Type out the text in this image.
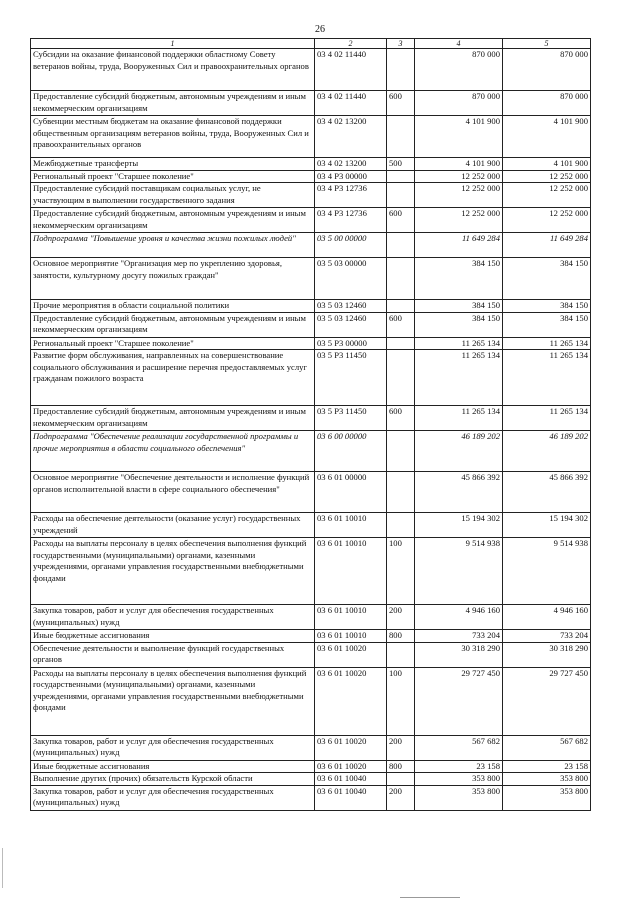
26
1	2	3	4	5
Субсидии на оказание финансовой поддержки областному Совету ветеранов войны, труда, Вооруженных Сил и правоохранительных органов	03 4 02 11440		870 000	870 000
Предоставление субсидий бюджетным, автономным учреждениям и иным некоммерческим организациям	03 4 02 11440	600	870 000	870 000
Субвенции местным бюджетам на оказание финансовой поддержки общественным организациям ветеранов войны, труда, Вооруженных Сил и правоохранительных органов	03 4 02 13200		4 101 900	4 101 900
Межбюджетные трансферты	03 4 02 13200	500	4 101 900	4 101 900
Региональный проект "Старшее поколение"	03 4 P3 00000		12 252 000	12 252 000
Предоставление субсидий поставщикам социальных услуг, не участвующим в выполнении государственного задания	03 4 P3 12736		12 252 000	12 252 000
Предоставление субсидий бюджетным, автономным учреждениям и иным некоммерческим организациям	03 4 P3 12736	600	12 252 000	12 252 000
Подпрограмма "Повышение уровня и качества жизни пожилых людей"	03 5 00 00000		11 649 284	11 649 284
Основное мероприятие "Организация мер по укреплению здоровья, занятости, культурному досугу пожилых граждан"	03 5 03 00000		384 150	384 150
Прочие мероприятия в области социальной политики	03 5 03 12460		384 150	384 150
Предоставление субсидий бюджетным, автономным учреждениям и иным некоммерческим организациям	03 5 03 12460	600	384 150	384 150
Региональный проект "Старшее поколение"	03 5 P3 00000		11 265 134	11 265 134
Развитие форм обслуживания, направленных на совершенствование социального обслуживания и расширение перечня предоставляемых услуг гражданам пожилого возраста	03 5 P3 11450		11 265 134	11 265 134
Предоставление субсидий бюджетным, автономным учреждениям и иным некоммерческим организациям	03 5 P3 11450	600	11 265 134	11 265 134
Подпрограмма "Обеспечение реализации государственной программы и прочие мероприятия в области социального обеспечения"	03 6 00 00000		46 189 202	46 189 202
Основное мероприятие "Обеспечение деятельности и исполнение функций органов исполнительной власти в сфере социального обеспечения"	03 6 01 00000		45 866 392	45 866 392
Расходы на обеспечение деятельности (оказание услуг) государственных учреждений	03 6 01 10010		15 194 302	15 194 302
Расходы на выплаты персоналу в целях обеспечения выполнения функций государственными (муниципальными) органами, казенными учреждениями, органами управления государственными внебюджетными фондами	03 6 01 10010	100	9 514 938	9 514 938
Закупка товаров, работ и услуг для обеспечения государственных (муниципальных) нужд	03 6 01 10010	200	4 946 160	4 946 160
Иные бюджетные ассигнования	03 6 01 10010	800	733 204	733 204
Обеспечение деятельности и выполнение функций государственных органов	03 6 01 10020		30 318 290	30 318 290
Расходы на выплаты персоналу в целях обеспечения выполнения функций государственными (муниципальными) органами, казенными учреждениями, органами управления государственными внебюджетными фондами	03 6 01 10020	100	29 727 450	29 727 450
Закупка товаров, работ и услуг для обеспечения государственных (муниципальных) нужд	03 6 01 10020	200	567 682	567 682
Иные бюджетные ассигнования	03 6 01 10020	800	23 158	23 158
Выполнение других (прочих) обязательств Курской области	03 6 01 10040		353 800	353 800
Закупка товаров, работ и услуг для обеспечения государственных (муниципальных) нужд	03 6 01 10040	200	353 800	353 800
